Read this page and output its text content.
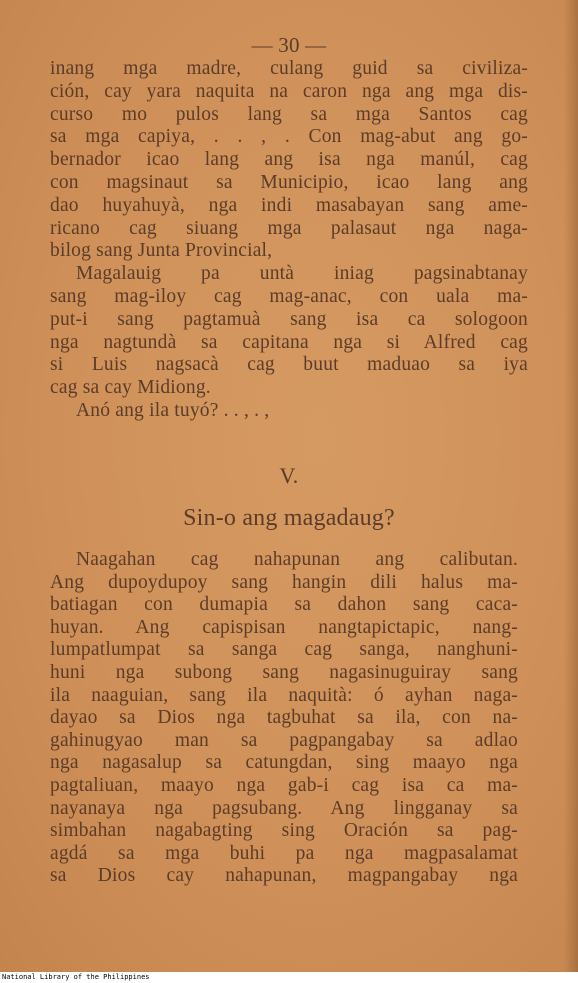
— 30 —
inang mga madre, culang guid sa civiliza-
ción, cay yara naquita na caron nga ang mga dis-
curso mo pulos lang sa mga Santos cag
sa mga capiya, . . , . Con mag-abut ang go-
bernador icao lang ang isa nga manúl, cag
con magsinaut sa Municipio, icao lang ang
dao huyahuyà, nga indi masabayan sang ame-
ricano cag siuang mga palasaut nga naga-
bilog sang Junta Provincial,
Magalauig pa untà iniag pagsinabtanay
sang mag-iloy cag mag-anac, con uala ma-
put-i sang pagtamuà sang isa ca sologoon
nga nagtundà sa capitana nga si Alfred cag
si Luis nagsacà cag buut maduao sa iya
cag sa cay Midiong.
Anó ang ila tuyó? . . , . ,
V.
Sin-o ang magadaug?
Naagahan cag nahapunan ang calibutan.
Ang dupoydupoy sang hangin dili halus ma-
batiagan con dumapia sa dahon sang caca-
huyan. Ang capispisan nangtapictapic, nang-
lumpatlumpat sa sanga cag sanga, nanghuni-
huni nga subong sang nagasinuguiray sang
ila naaguian, sang ila naquità: ó ayhan naga-
dayao sa Dios nga tagbuhat sa ila, con na-
gahinugyao man sa pagpangabay sa adlao
nga nagasalup sa catungdan, sing maayo nga
pagtaliuan, maayo nga gab-i cag isa ca ma-
nayanaya nga pagsubang. Ang lingganay sa
simbahan nagabagting sing Oración sa pag-
agdá sa mga buhi pa nga magpasalamat
sa Dios cay nahapunan, magpangabay nga
National Library of the Philippines
